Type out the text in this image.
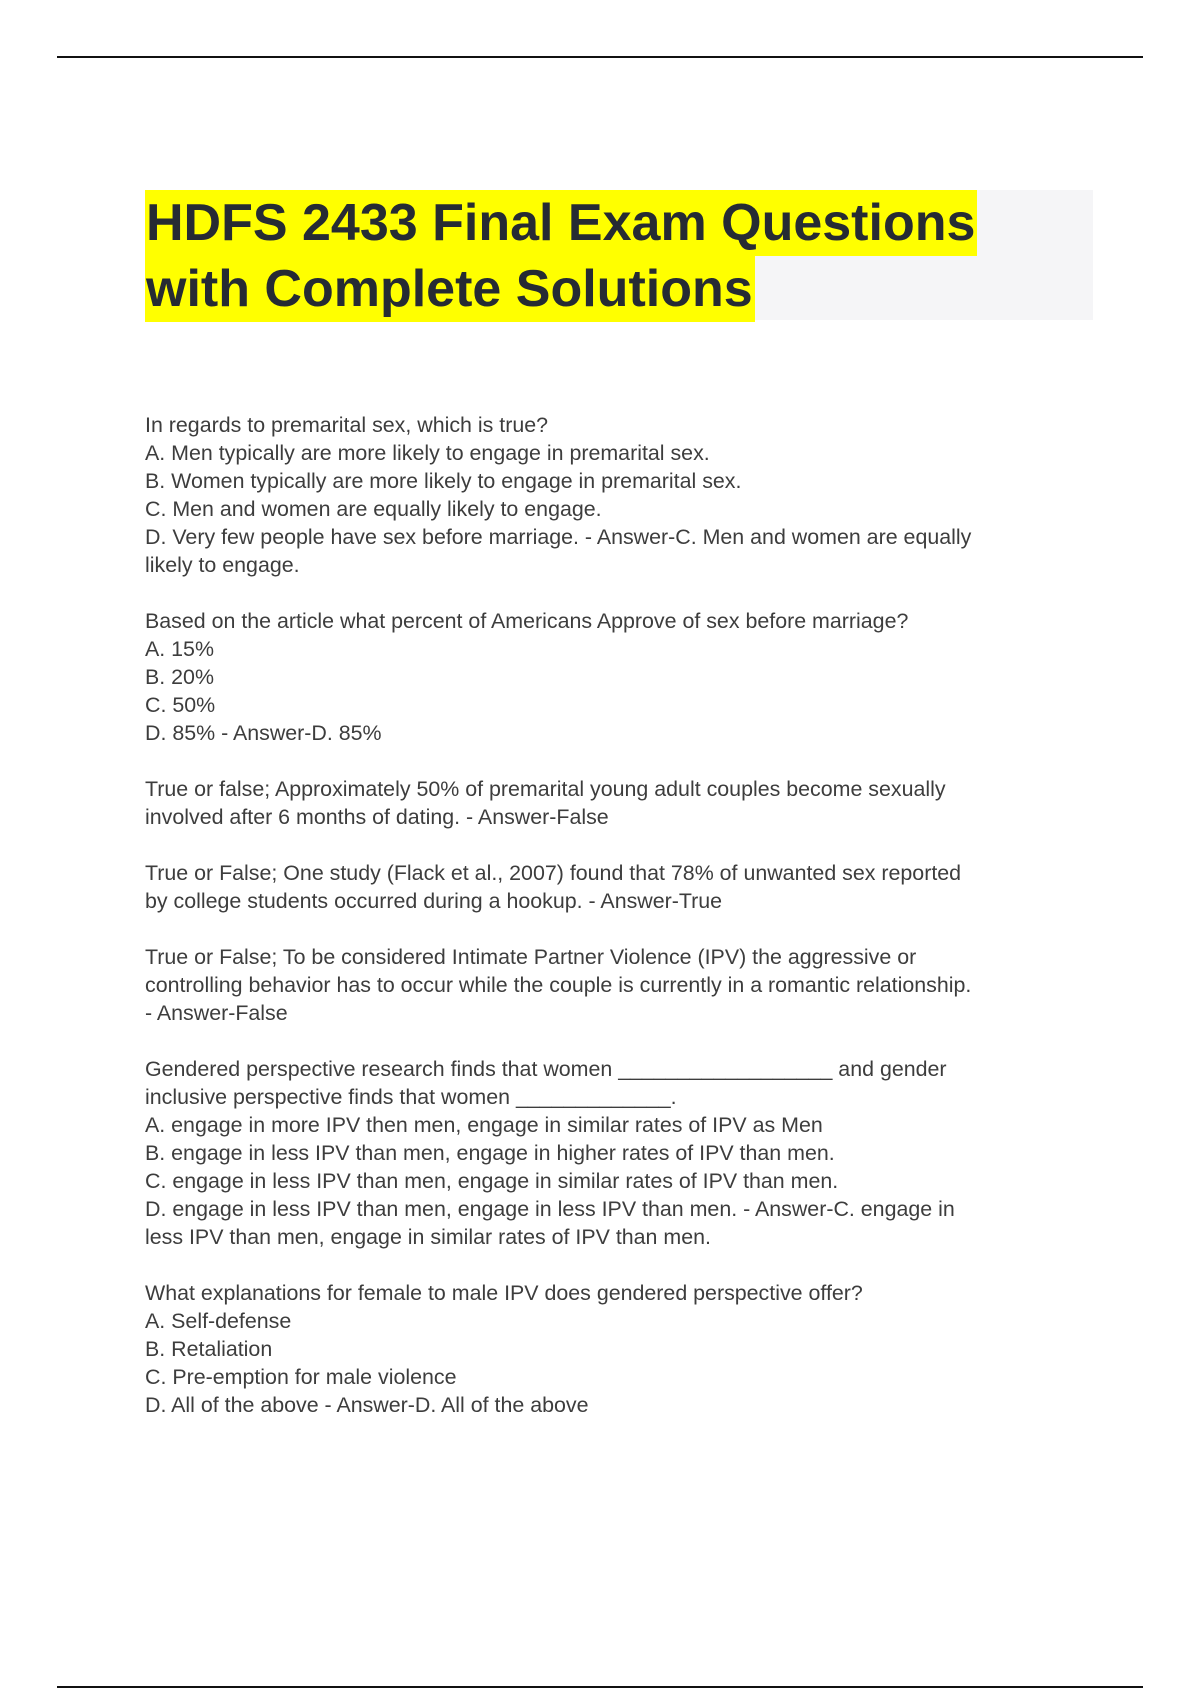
HDFS 2433 Final Exam Questions
with Complete Solutions
In regards to premarital sex, which is true?
A. Men typically are more likely to engage in premarital sex.
B. Women typically are more likely to engage in premarital sex.
C. Men and women are equally likely to engage.
D. Very few people have sex before marriage. - Answer-C. Men and women are equally
likely to engage.
Based on the article what percent of Americans Approve of sex before marriage?
A. 15%
B. 20%
C. 50%
D. 85% - Answer-D. 85%
True or false; Approximately 50% of premarital young adult couples become sexually
involved after 6 months of dating. - Answer-False
True or False; One study (Flack et al., 2007) found that 78% of unwanted sex reported
by college students occurred during a hookup. - Answer-True
True or False; To be considered Intimate Partner Violence (IPV) the aggressive or
controlling behavior has to occur while the couple is currently in a romantic relationship.
- Answer-False
Gendered perspective research finds that women __________________ and gender
inclusive perspective finds that women _____________.
A. engage in more IPV then men, engage in similar rates of IPV as Men
B. engage in less IPV than men, engage in higher rates of IPV than men.
C. engage in less IPV than men, engage in similar rates of IPV than men.
D. engage in less IPV than men, engage in less IPV than men. - Answer-C. engage in
less IPV than men, engage in similar rates of IPV than men.
What explanations for female to male IPV does gendered perspective offer?
A. Self-defense
B. Retaliation
C. Pre-emption for male violence
D. All of the above - Answer-D. All of the above
